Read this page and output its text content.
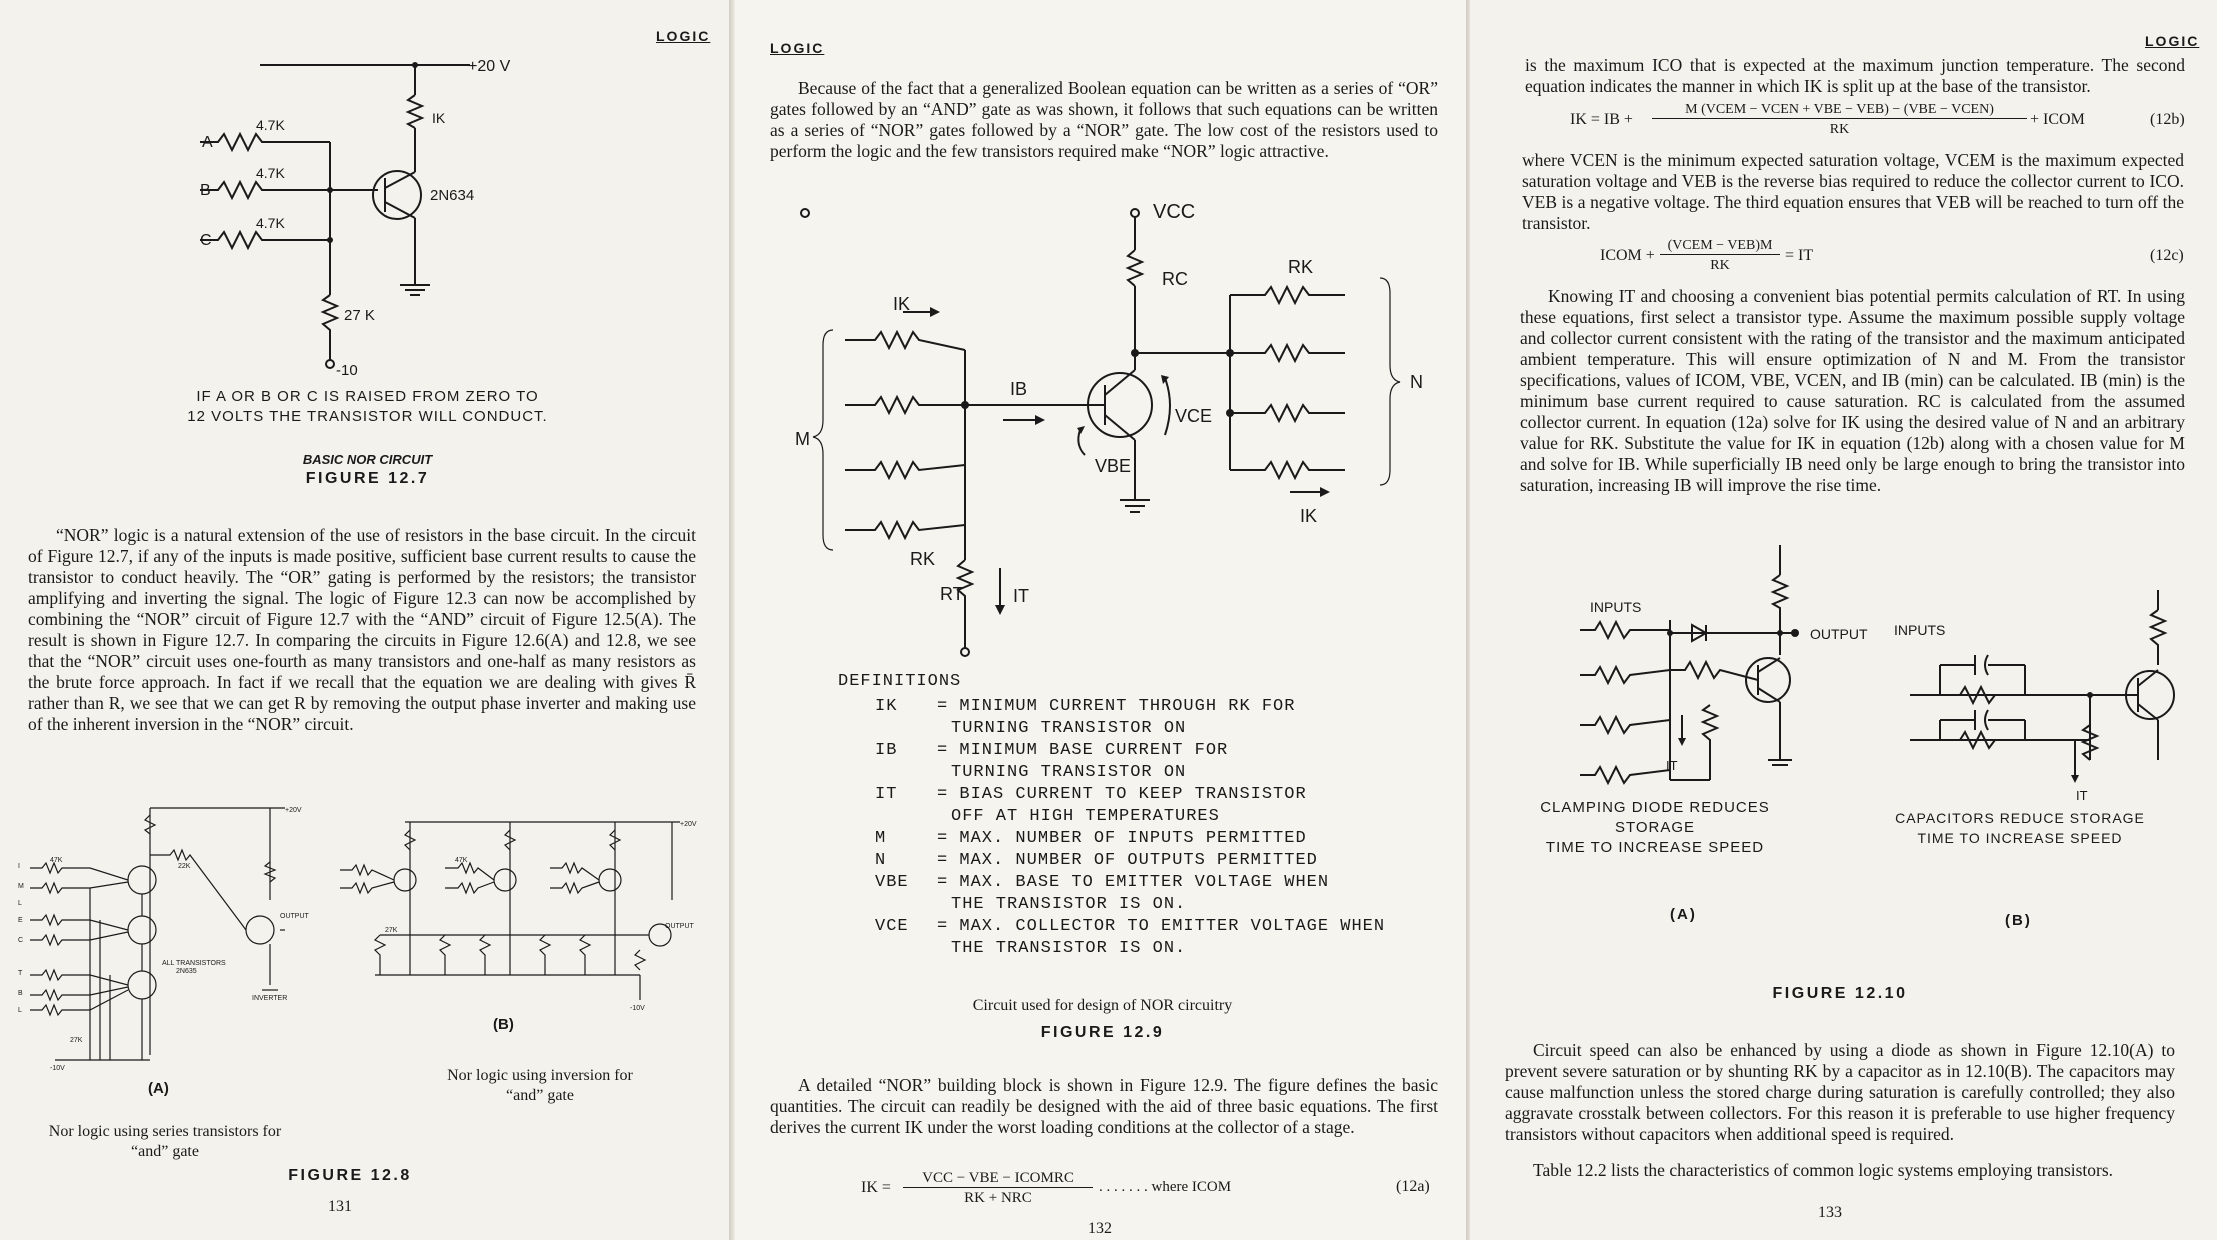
LOGIC
+20 V
IK
A
B
C
4.7K
4.7K
4.7K
2N634
27 K
-10
IF A OR B OR C IS RAISED FROM ZERO TO
12 VOLTS THE TRANSISTOR WILL CONDUCT.
BASIC NOR CIRCUIT
FIGURE 12.7
“NOR” logic is a natural extension of the use of resistors in the base circuit. In the circuit of Figure 12.7, if any of the inputs is made positive, sufficient base current results to cause the transistor to conduct heavily. The “OR” gating is performed by the resistors; the transistor amplifying and inverting the signal. The logic of Figure 12.3 can now be accomplished by combining the “NOR” circuit of Figure 12.7 with the “AND” circuit of Figure 12.5(A). The result is shown in Figure 12.7. In comparing the circuits in Figure 12.6(A) and 12.8, we see that the “NOR” circuit uses one-fourth as many transistors and one-half as many resistors as the brute force approach. In fact if we recall that the equation we are dealing with gives R̄ rather than R, we see that we can get R by removing the output phase inverter and making use of the inherent inversion in the “NOR” circuit.
+20V
-10V
ALL TRANSISTORS
2N635
INVERTER
OUTPUT
47K
22K
27K
I
M
L
E
C
T
B
L
+20V
-10V
OUTPUT
27K
47K
(A)
(B)
Nor logic using series transistors for
“and” gate
Nor logic using inversion for
“and” gate
FIGURE 12.8
131
LOGIC
Because of the fact that a generalized Boolean equation can be written as a series of “OR” gates followed by an “AND” gate as was shown, it follows that such equations can be written as a series of “NOR” gates followed by a “NOR” gate. The low cost of the resistors used to perform the logic and the few transistors required make “NOR” logic attractive.
VCC
RC
RK
IK
IB
VCE
VBE
RK
IK
RT	IT
M
N
DEFINITIONS
IK	= MINIMUM CURRENT THROUGH RK FOR
TURNING TRANSISTOR ON
IB	= MINIMUM BASE CURRENT FOR
TURNING TRANSISTOR ON
IT	= BIAS CURRENT TO KEEP TRANSISTOR
OFF AT HIGH TEMPERATURES
M	= MAX. NUMBER OF INPUTS PERMITTED
N	= MAX. NUMBER OF OUTPUTS PERMITTED
VBE	= MAX. BASE TO EMITTER VOLTAGE WHEN
THE TRANSISTOR IS ON.
VCE	= MAX. COLLECTOR TO EMITTER VOLTAGE WHEN
THE TRANSISTOR IS ON.
Circuit used for design of NOR circuitry
FIGURE 12.9
A detailed “NOR” building block is shown in Figure 12.9. The figure defines the basic quantities. The circuit can readily be designed with the aid of three basic equations. The first derives the current IK under the worst loading conditions at the collector of a stage.
IK =
VCC − VBE − ICOMRC
RK + NRC
. . . . . . . where ICOM	(12a)
132
LOGIC
is the maximum ICO that is expected at the maximum junction temperature. The second equation indicates the manner in which IK is split up at the base of the transistor.
IK = IB +
M (VCEM − VCEN + VBE − VEB) − (VBE − VCEN)
RK
+ ICOM	(12b)
where VCEN is the minimum expected saturation voltage, VCEM is the maximum expected saturation voltage and VEB is the reverse bias required to reduce the collector current to ICO. VEB is a negative voltage. The third equation ensures that VEB will be reached to turn off the transistor.
ICOM +
(VCEM − VEB)M
RK
= IT	(12c)
Knowing IT and choosing a convenient bias potential permits calculation of RT. In using these equations, first select a transistor type. Assume the maximum possible supply voltage and collector current consistent with the rating of the transistor and the maximum anticipated ambient temperature. This will ensure optimization of N and M. From the transistor specifications, values of ICOM, VBE, VCEN, and IB (min) can be calculated. IB (min) is the minimum base current required to cause saturation. RC is calculated from the assumed collector current. In equation (12a) solve for IK using the desired value of N and an arbitrary value for RK. Substitute the value for IK in equation (12b) along with a chosen value for M and solve for IB. While superficially IB need only be large enough to bring the transistor into saturation, increasing IB will improve the rise time.
INPUTS
OUTPUT
IT
INPUTS
IT
CLAMPING DIODE REDUCES STORAGE
TIME TO INCREASE SPEED
CAPACITORS REDUCE STORAGE
TIME TO INCREASE SPEED
(A)	(B)
FIGURE 12.10
Circuit speed can also be enhanced by using a diode as shown in Figure 12.10(A) to prevent severe saturation or by shunting RK by a capacitor as in 12.10(B). The capacitors may cause malfunction unless the stored charge during saturation is carefully controlled; they also aggravate crosstalk between collectors. For this reason it is preferable to use higher frequency transistors without capacitors when additional speed is required.
Table 12.2 lists the characteristics of common logic systems employing transistors.
133
